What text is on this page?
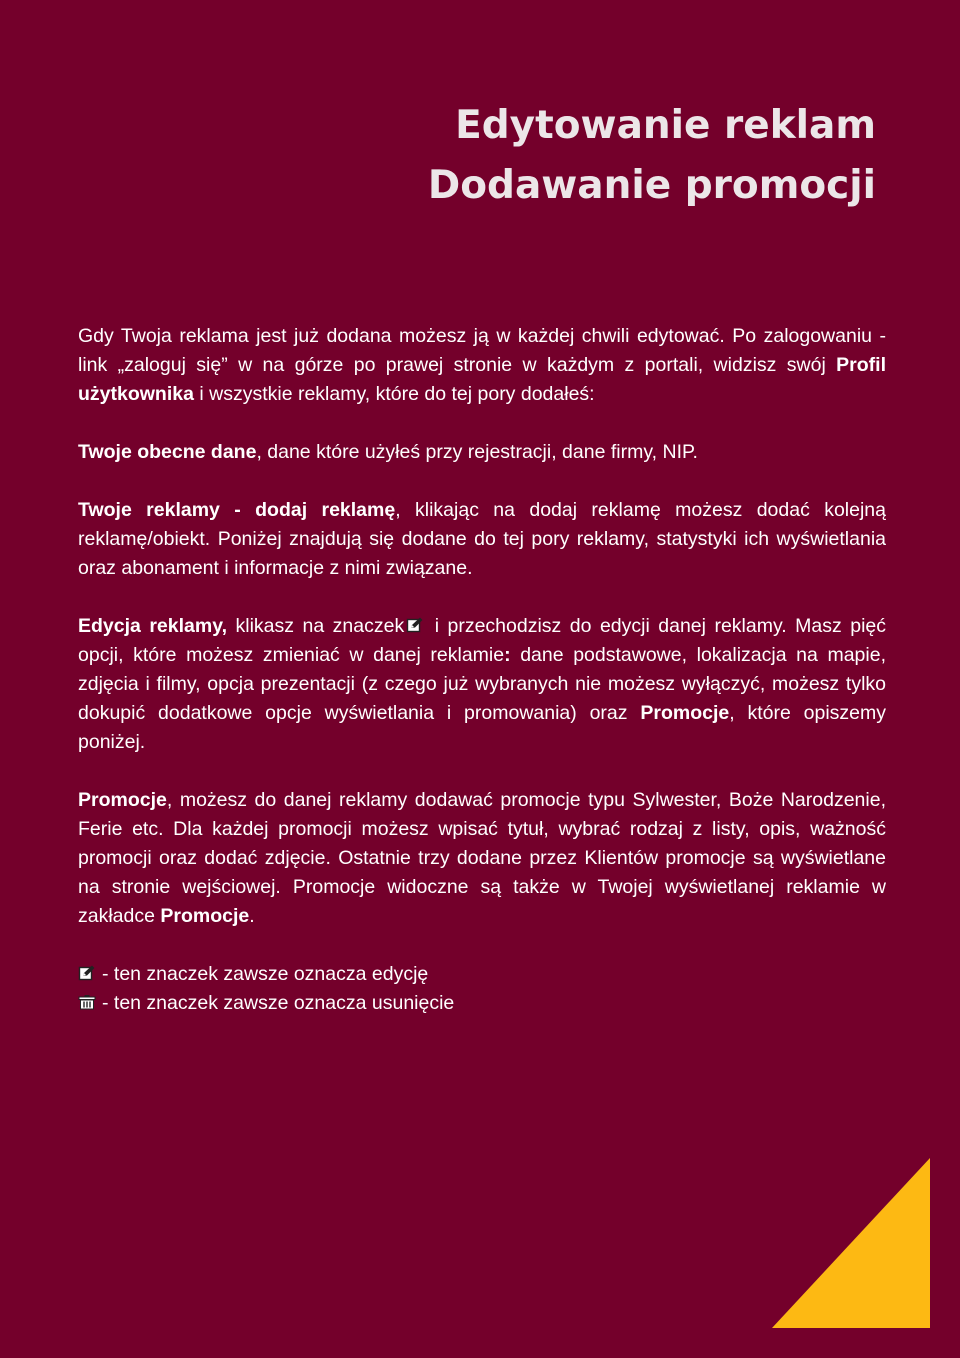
Edytowanie reklam
Dodawanie promocji

Gdy Twoja reklama jest już dodana możesz ją w każdej chwili edytować. Po zalogowaniu - link „zaloguj się” w na górze po prawej stronie w każdym z portali, widzisz swój Profil użytkownika i wszystkie reklamy, które do tej pory dodałeś:

Twoje obecne dane, dane które użyłeś przy rejestracji, dane firmy, NIP.

Twoje reklamy - dodaj reklamę, klikając na dodaj reklamę możesz dodać kolejną reklamę/obiekt. Poniżej znajdują się dodane do tej pory reklamy, statystyki ich wyświetlania oraz abonament i informacje z nimi związane.

Edycja reklamy, klikasz na znaczek i przechodzisz do edycji danej reklamy. Masz pięć opcji, które możesz zmieniać w danej reklamie: dane podstawowe, lokalizacja na mapie, zdjęcia i filmy, opcja prezentacji (z czego już wybranych nie możesz wyłączyć, możesz tylko dokupić dodatkowe opcje wyświetlania i promowania) oraz Promocje, które opiszemy poniżej.

Promocje, możesz do danej reklamy dodawać promocje typu Sylwester, Boże Narodzenie, Ferie etc. Dla każdej promocji możesz wpisać tytuł, wybrać rodzaj z listy, opis, ważność promocji oraz dodać zdjęcie. Ostatnie trzy dodane przez Klientów promocje są wyświetlane na stronie wejściowej. Promocje widoczne są także w Twojej wyświetlanej reklamie w zakładce Promocje.

- ten znaczek zawsze oznacza edycję
- ten znaczek zawsze oznacza usunięcie
